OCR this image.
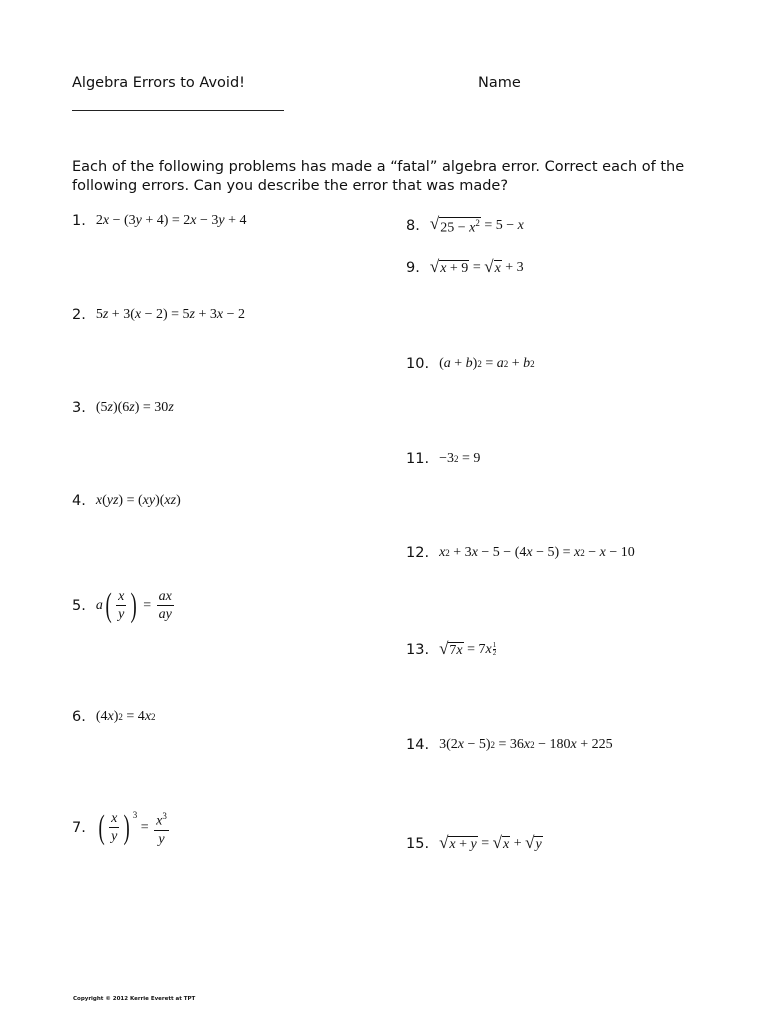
Algebra Errors to Avoid!	Name
Each of the following problems has made a “fatal” algebra error. Correct each of the following errors. Can you describe the error that was made?
1. 2 x − (3 y + 4) = 2 x − 3 y + 4
2. 5 z + 3( x − 2) = 5 z + 3 x − 2
3. (5 z )(6 z ) = 30 z
4. x ( yz ) = ( xy )( xz )
5. a ( $\frac{x}{y}$ ) = $\frac{ax}{ay}$
6. (4 x ) 2 = 4 x 2
7. ( $\frac{x}{y}$ ) $^3$
= $\frac{x^3}{y}$
8. √ $25 - x^2 = 5 - x$
9. √ x + 9 = √ x + 3
10. ( a + b ) 2 = a 2 + b 2
11. −3 2 = 9
12. x 2 + 3 x − 5 − (4 x − 5) = x 2 − x − 10
13. √ 7x = 7 x $\frac{1}{2}$
14. 3(2 x − 5) 2 = 36 x 2 − 180 x + 225
15. √ x + y = √ x + √ y
Copyright © 2012 Kerrie Everett at TPT
